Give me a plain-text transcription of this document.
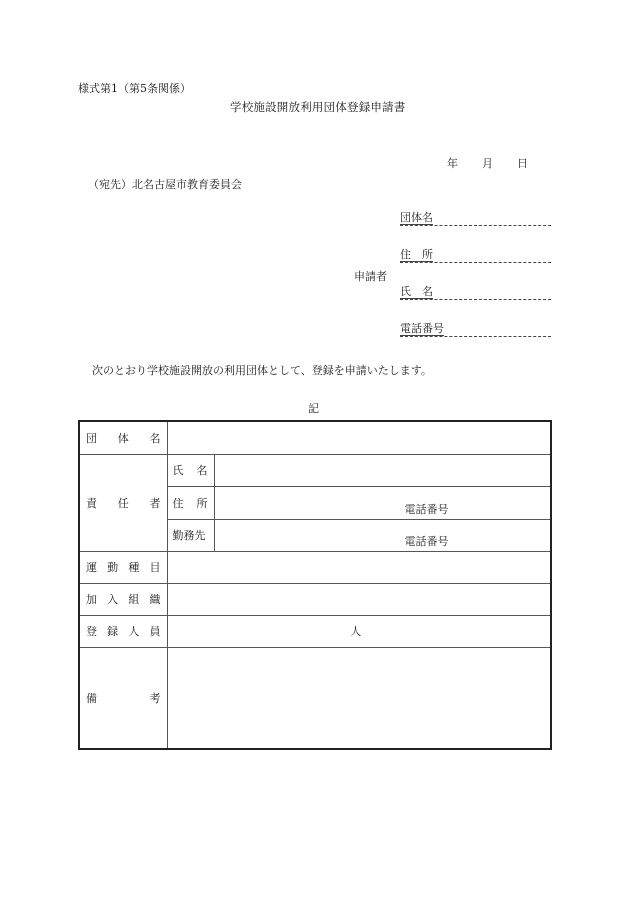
様式第1（第5条関係）
学校施設開放利用団体登録申請書
年 月 日
（宛先）北名古屋市教育委員会
申請者
団体名
住　所
氏　名
電話番号
次のとおり学校施設開放の利用団体として、登録を申請いたします。
記
団 体 名		

責 任 者	氏 名	

	住 所	電話番号

	勤務先	電話番号

運 動 種 目		

加 入 組 織		

登 録 人 員	人	

備 考		
